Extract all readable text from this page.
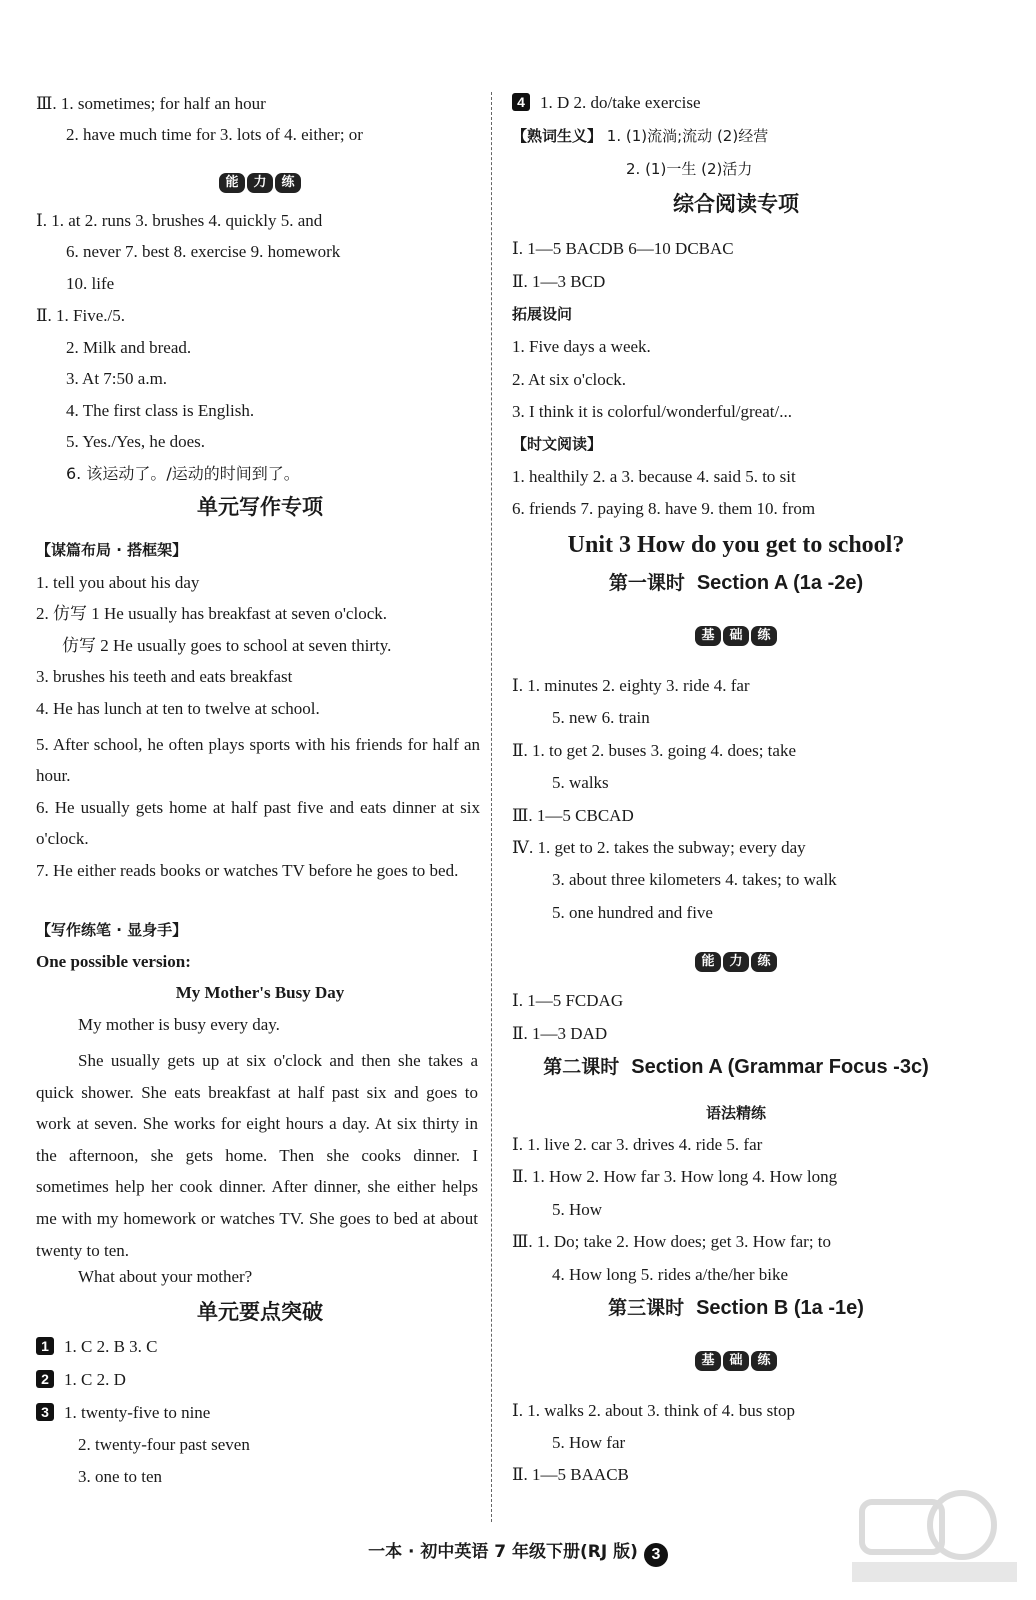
Ⅲ. 1. sometimes; for half an hour
2. have much time for 3. lots of 4. either; or
能	力	练
Ⅰ. 1. at 2. runs 3. brushes 4. quickly 5. and
6. never 7. best 8. exercise 9. homework
10. life
Ⅱ. 1. Five./5.
2. Milk and bread.
3. At 7:50 a.m.
4. The first class is English.
5. Yes./Yes, he does.
6. 该运动了。/运动的时间到了。
单元写作专项
【谋篇布局 · 搭框架】
1. tell you about his day
2. 仿写 1 He usually has breakfast at seven o'clock.
仿写 2 He usually goes to school at seven thirty.
3. brushes his teeth and eats breakfast
4. He has lunch at ten to twelve at school.
5. After school, he often plays sports with his friends for half an hour.
6. He usually gets home at half past five and eats dinner at six o'clock.
7. He either reads books or watches TV before he goes to bed.
【写作练笔 · 显身手】
One possible version:
My Mother's Busy Day
My mother is busy every day.
She usually gets up at six o'clock and then she takes a quick shower. She eats breakfast at half past six and goes to work at seven. She works for eight hours a day. At six thirty in the afternoon, she gets home. Then she cooks dinner. I sometimes help her cook dinner. After dinner, she either helps me with my homework or watches TV. She goes to bed at about twenty to ten.
What about your mother?
单元要点突破
1 1. C 2. B 3. C
2 1. C 2. D
3 1. twenty-five to nine
2. twenty-four past seven
3. one to ten
4 1. D 2. do/take exercise
【熟词生义】 1. (1)流淌;流动 (2)经营
2. (1)一生 (2)活力
综合阅读专项
Ⅰ. 1—5 BACDB 6—10 DCBAC
Ⅱ. 1—3 BCD
拓展设问
1. Five days a week.
2. At six o'clock.
3. I think it is colorful/wonderful/great/...
【时文阅读】
1. healthily 2. a 3. because 4. said 5. to sit
6. friends 7. paying 8. have 9. them 10. from
Unit 3 How do you get to school?
第一课时 Section A (1a -2e)
基	础	练
Ⅰ. 1. minutes 2. eighty 3. ride 4. far
5. new 6. train
Ⅱ. 1. to get 2. buses 3. going 4. does; take
5. walks
Ⅲ. 1—5 CBCAD
Ⅳ. 1. get to 2. takes the subway; every day
3. about three kilometers 4. takes; to walk
5. one hundred and five
能	力	练
Ⅰ. 1—5 FCDAG
Ⅱ. 1—3 DAD
第二课时 Section A (Grammar Focus -3c)
语法精练
Ⅰ. 1. live 2. car 3. drives 4. ride 5. far
Ⅱ. 1. How 2. How far 3. How long 4. How long
5. How
Ⅲ. 1. Do; take 2. How does; get 3. How far; to
4. How long 5. rides a/the/her bike
第三课时 Section B (1a -1e)
基	础	练
Ⅰ. 1. walks 2. about 3. think of 4. bus stop
5. How far
Ⅱ. 1—5 BAACB
一本 · 初中英语 7 年级下册(RJ 版) 3
